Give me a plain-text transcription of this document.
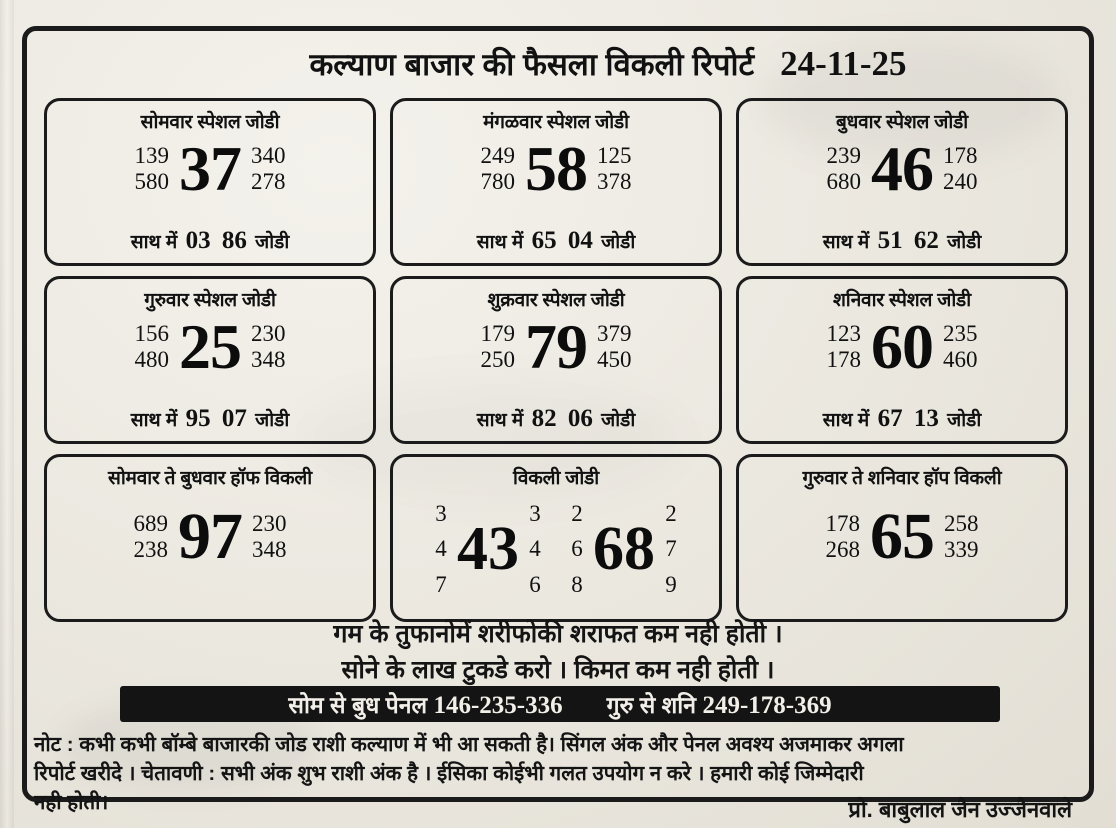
कल्याण बाजार की फैसला विकली रिपोर्ट 24-11-25
सोमवार स्पेशल जोडी
139
580 37 340
278
साथ में 03 86 जोडी
मंगळवार स्पेशल जोडी
249
780 58 125
378
साथ में 65 04 जोडी
बुधवार स्पेशल जोडी
239
680 46 178
240
साथ में 51 62 जोडी
गुरुवार स्पेशल जोडी
156
480 25 230
348
साथ में 95 07 जोडी
शुक्रवार स्पेशल जोडी
179
250 79 379
450
साथ में 82 06 जोडी
शनिवार स्पेशल जोडी
123
178 60 235
460
साथ में 67 13 जोडी
सोमवार ते बुधवार हॉफ विकली
689
238 97 230
348
विकली जोडी
3
4
7
43
3
4
6
2
6
8
68
2
7
9
गुरुवार ते शनिवार हॉप विकली
178
268 65 258
339
गम के तुफानोमें शरीफोकी शराफत कम नही होती ।
सोने के लाख टुकडे करो । किमत कम नही होती ।
सोम से बुध पेनल 146-235-336 गुरु से शनि 249-178-369
नोट : कभी कभी बॉम्बे बाजारकी जोड राशी कल्याण में भी आ सकती है। सिंगल अंक और पेनल अवश्य अजमाकर अगला
रिपोर्ट खरीदे । चेतावणी : सभी अंक शुभ राशी अंक है । ईसिका कोईभी गलत उपयोग न करे । हमारी कोई जिम्मेदारी
नही होती।	प्रो. बाबुलाल जैन उज्जैनवाले
